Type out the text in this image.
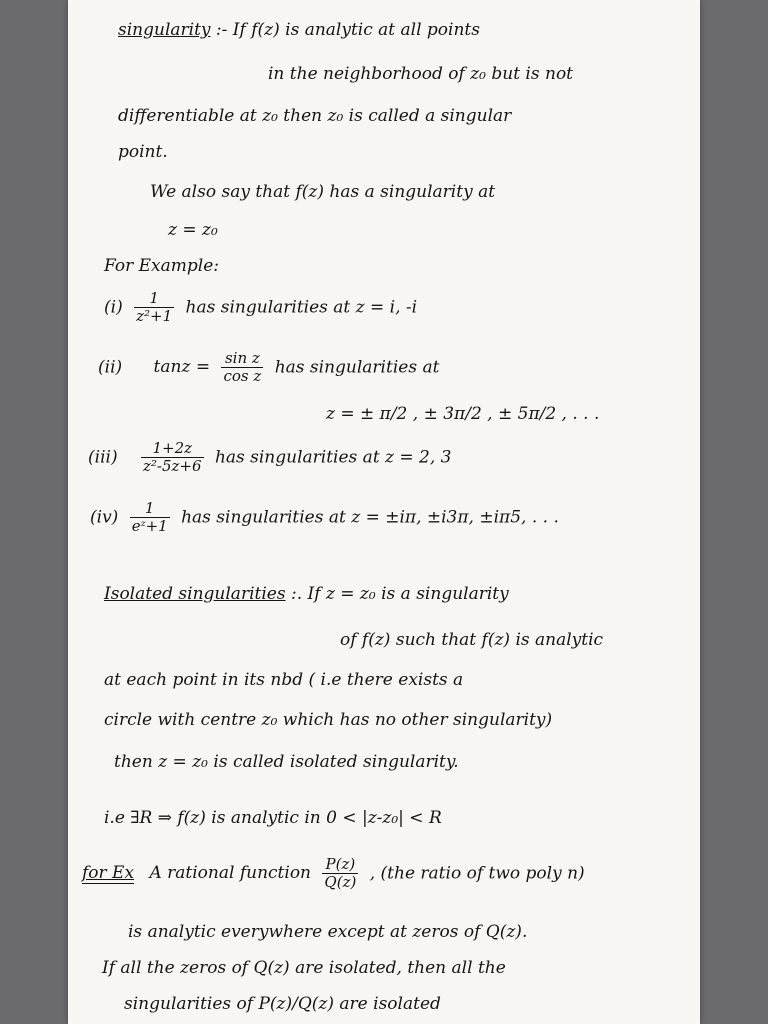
singularity :- If f(z) is analytic at all points
in the neighborhood of z₀ but is not
differentiable at z₀ then z₀ is called a singular
point.
We also say that f(z) has a singularity at
z = z₀
For Example:
$(i) \frac{1}{\text{z²+1}}$ has singularities at z = i, -i
(ii) $\tan z = \frac{\text{sin z}}{\text{cos z}}$ has singularities at
z = ± π/2 , ± 3π/2 , ± 5π/2 , . . .
$(iii) \frac{1+2z}{\text{z²-5z+6}}$ has singularities at z = 2, 3
$(iv) \frac{1}{\text{eᶻ+1}}$ has singularities at z = ±iπ, ±i3π, ±iπ5, . . .
Isolated singularities :. If z = z₀ is a singularity
of f(z) such that f(z) is analytic
at each point in its nbd ( i.e there exists a
circle with centre z₀ which has no other singularity)
then z = z₀ is called isolated singularity.
i.e ∃R ⇒ f(z) is analytic in 0 < |z-z₀| < R
for Ex A rational function $\frac{P(z)}{Q(z)}$ , (the ratio of two poly n)
is analytic everywhere except at zeros of Q(z).
If all the zeros of Q(z) are isolated, then all the
singularities of P(z)/Q(z) are isolated
